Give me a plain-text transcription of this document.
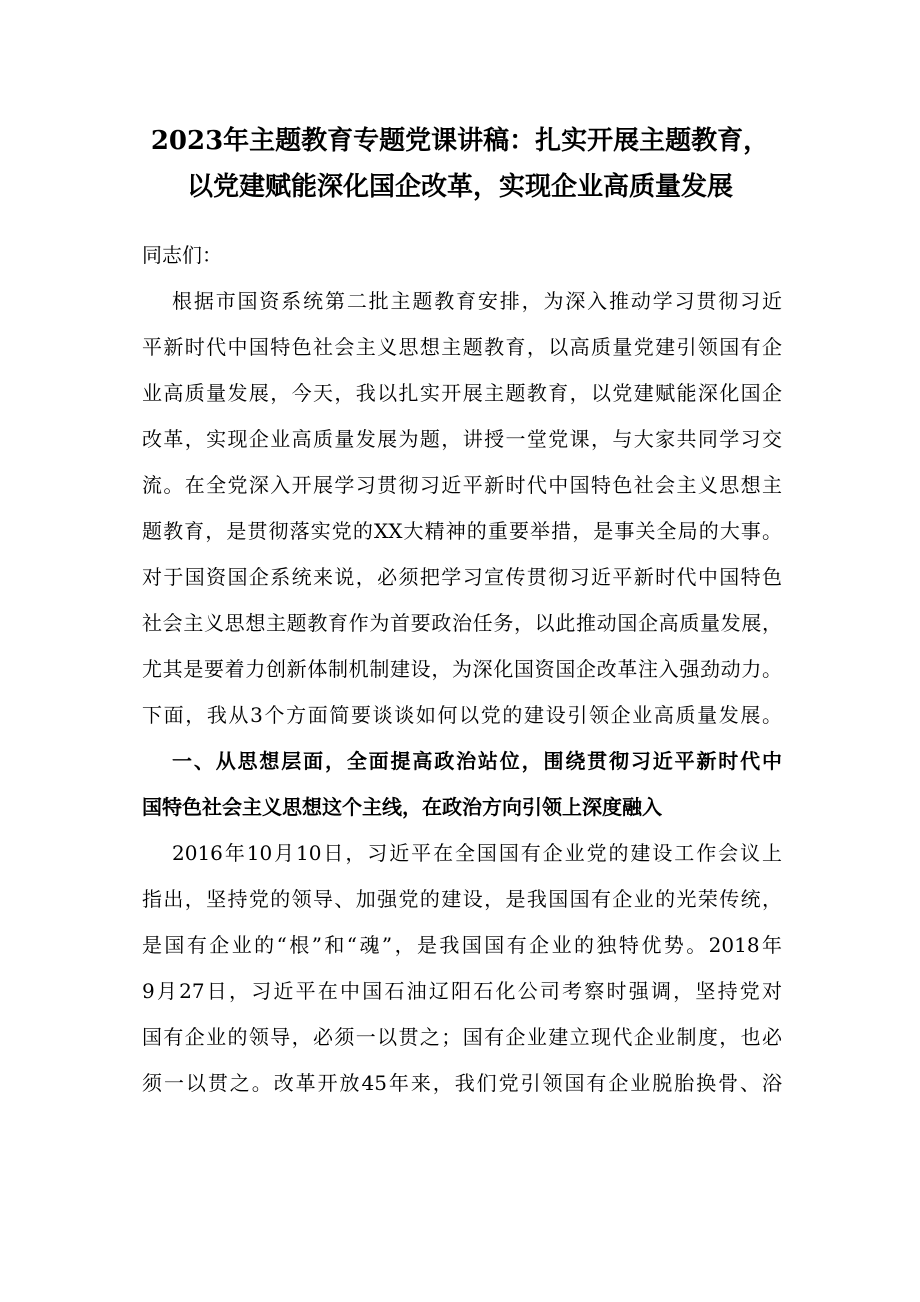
2023年主题教育专题党课讲稿：扎实开展主题教育，
以党建赋能深化国企改革，实现企业高质量发展
同志们：
根据市国资系统第二批主题教育安排，为深入推动学习贯彻习近
平新时代中国特色社会主义思想主题教育，以高质量党建引领国有企
业高质量发展，今天，我以扎实开展主题教育，以党建赋能深化国企
改革，实现企业高质量发展为题，讲授一堂党课，与大家共同学习交
流。在全党深入开展学习贯彻习近平新时代中国特色社会主义思想主
题教育，是贯彻落实党的XX大精神的重要举措，是事关全局的大事。
对于国资国企系统来说，必须把学习宣传贯彻习近平新时代中国特色
社会主义思想主题教育作为首要政治任务，以此推动国企高质量发展，
尤其是要着力创新体制机制建设，为深化国资国企改革注入强劲动力。
下面，我从3个方面简要谈谈如何以党的建设引领企业高质量发展。
一、从思想层面，全面提高政治站位，围绕贯彻习近平新时代中
国特色社会主义思想这个主线，在政治方向引领上深度融入
2016年10月10日，习近平在全国国有企业党的建设工作会议上
指出，坚持党的领导、加强党的建设，是我国国有企业的光荣传统，
是国有企业的“根”和“魂”，是我国国有企业的独特优势。2018年
9月27日，习近平在中国石油辽阳石化公司考察时强调，坚持党对
国有企业的领导，必须一以贯之；国有企业建立现代企业制度，也必
须一以贯之。改革开放45年来，我们党引领国有企业脱胎换骨、浴
